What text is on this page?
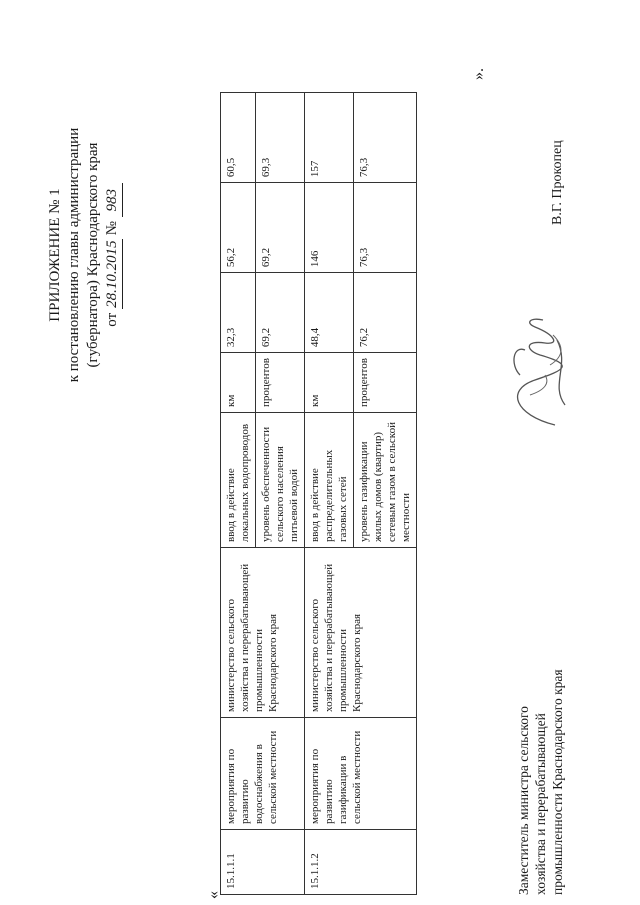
ПРИЛОЖЕНИЕ № 1 к постановлению главы администрации (губернатора) Краснодарского края от 28.10.2015 № 983
«
15.1.1.1	мероприятия по развитию водоснабжения в сельской местности	министерство сельского хозяйства и перерабатывающей промышленности Краснодарского края	ввод в действие локальных водопроводов	км	32,3	56,2	60,5
			уровень обеспеченности сельского населения питьевой водой	процентов	69,2	69,2	69,3
15.1.1.2	мероприятия по развитию газификации в сельской местности	министерство сельского хозяйства и перерабатывающей промышленности Краснодарского края	ввод в действие распределительных газовых сетей	км	48,4	146	157
			уровень газификации жилых домов (квартир) сетевым газом в сельской местности	процентов	76,2	76,3	76,3
».
Заместитель министра сельского хозяйства и перерабатывающей промышленности Краснодарского края
В.Г. Прокопец
